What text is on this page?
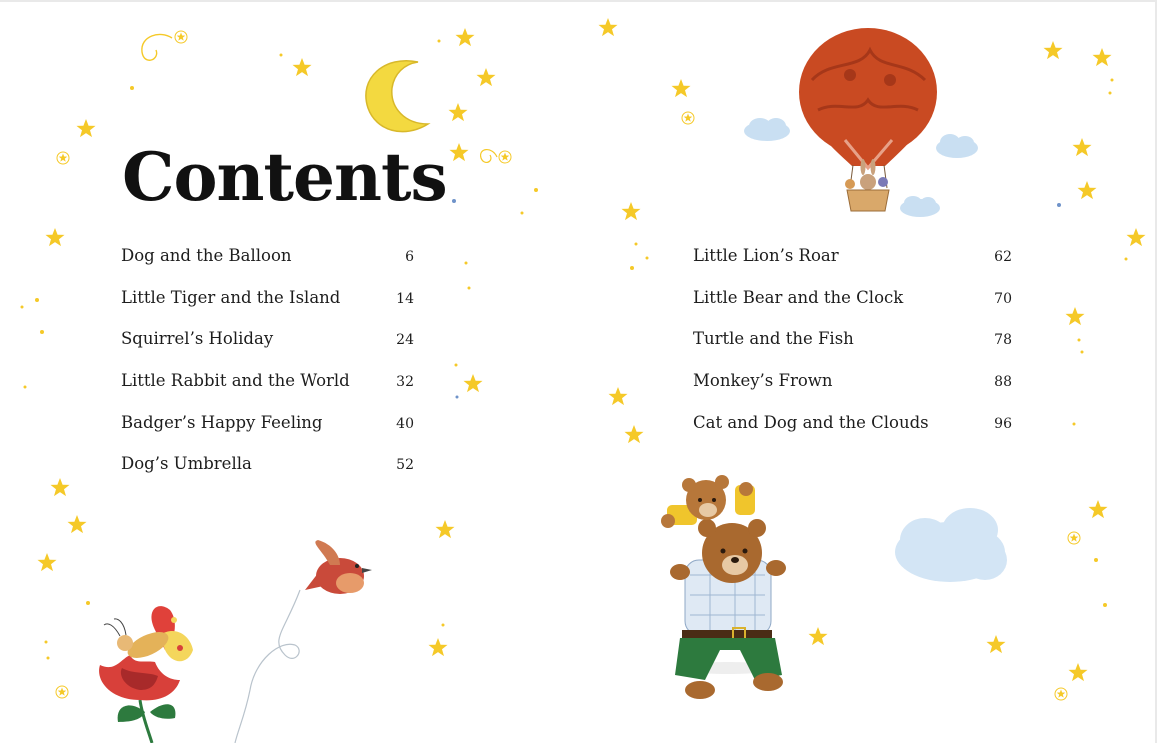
Contents
Dog and the Balloon	6
Little Tiger and the Island	14
Squirrel’s Holiday	24
Little Rabbit and the World	32
Badger’s Happy Feeling	40
Dog’s Umbrella	52
Little Lion’s Roar	62
Little Bear and the Clock	70
Turtle and the Fish	78
Monkey’s Frown	88
Cat and Dog and the Clouds	96
